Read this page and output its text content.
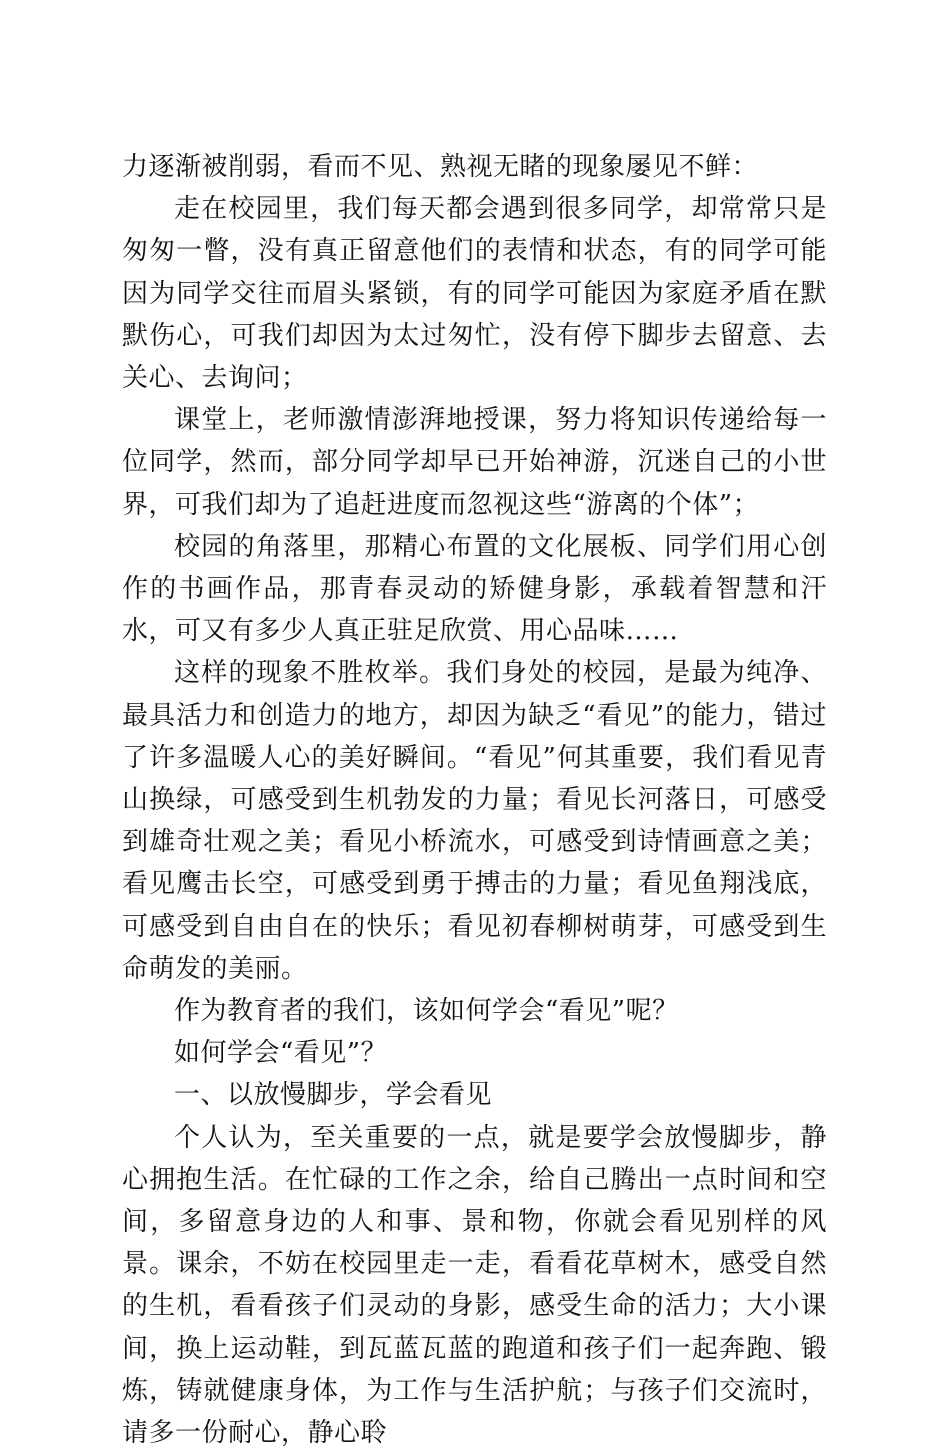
力逐渐被削弱，看而不见、熟视无睹的现象屡见不鲜：

走在校园里，我们每天都会遇到很多同学，却常常只是匆匆一瞥，没有真正留意他们的表情和状态，有的同学可能因为同学交往而眉头紧锁，有的同学可能因为家庭矛盾在默默伤心，可我们却因为太过匆忙，没有停下脚步去留意、去关心、去询问；

课堂上，老师激情澎湃地授课，努力将知识传递给每一位同学，然而，部分同学却早已开始神游，沉迷自己的小世界，可我们却为了追赶进度而忽视这些“游离的个体”；

校园的角落里，那精心布置的文化展板、同学们用心创作的书画作品，那青春灵动的矫健身影，承载着智慧和汗水，可又有多少人真正驻足欣赏、用心品味……

这样的现象不胜枚举。我们身处的校园，是最为纯净、最具活力和创造力的地方，却因为缺乏“看见”的能力，错过了许多温暖人心的美好瞬间。“看见”何其重要，我们看见青山换绿，可感受到生机勃发的力量；看见长河落日，可感受到雄奇壮观之美；看见小桥流水，可感受到诗情画意之美；看见鹰击长空，可感受到勇于搏击的力量；看见鱼翔浅底，可感受到自由自在的快乐；看见初春柳树萌芽，可感受到生命萌发的美丽。

作为教育者的我们，该如何学会“看见”呢？

如何学会“看见”？

一、以放慢脚步，学会看见

个人认为，至关重要的一点，就是要学会放慢脚步，静心拥抱生活。在忙碌的工作之余，给自己腾出一点时间和空间，多留意身边的人和事、景和物，你就会看见别样的风景。课余，不妨在校园里走一走，看看花草树木，感受自然的生机，看看孩子们灵动的身影，感受生命的活力；大小课间，换上运动鞋，到瓦蓝瓦蓝的跑道和孩子们一起奔跑、锻炼，铸就健康身体，为工作与生活护航；与孩子们交流时，请多一份耐心，静心聆
